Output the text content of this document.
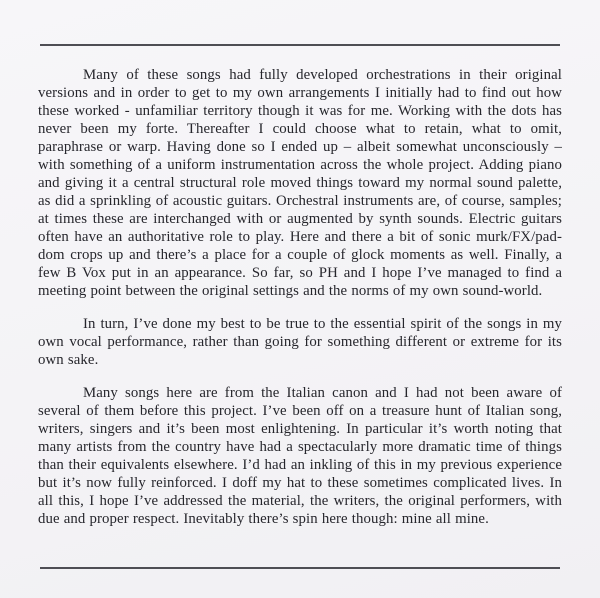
Many of these songs had fully developed orchestrations in their original versions and in order to get to my own arrangements I initially had to find out how these worked - unfamiliar territory though it was for me. Working with the dots has never been my forte. Thereafter I could choose what to retain, what to omit, paraphrase or warp. Having done so I ended up – albeit somewhat unconsciously – with something of a uniform instrumentation across the whole project. Adding piano and giving it a central structural role moved things toward my normal sound palette, as did a sprinkling of acoustic guitars. Orchestral instruments are, of course, samples; at times these are interchanged with or augmented by synth sounds. Electric guitars often have an authoritative role to play. Here and there a bit of sonic murk/FX/pad-dom crops up and there’s a place for a couple of glock moments as well. Finally, a few B Vox put in an appearance. So far, so PH and I hope I’ve managed to find a meeting point between the original settings and the norms of my own sound-world.

In turn, I’ve done my best to be true to the essential spirit of the songs in my own vocal performance, rather than going for something different or extreme for its own sake.

Many songs here are from the Italian canon and I had not been aware of several of them before this project. I’ve been off on a treasure hunt of Italian song, writers, singers and it’s been most enlightening. In particular it’s worth noting that many artists from the country have had a spectacularly more dramatic time of things than their equivalents elsewhere. I’d had an inkling of this in my previous experience but it’s now fully reinforced. I doff my hat to these sometimes complicated lives. In all this, I hope I’ve addressed the material, the writers, the original performers, with due and proper respect. Inevitably there’s spin here though: mine all mine.
